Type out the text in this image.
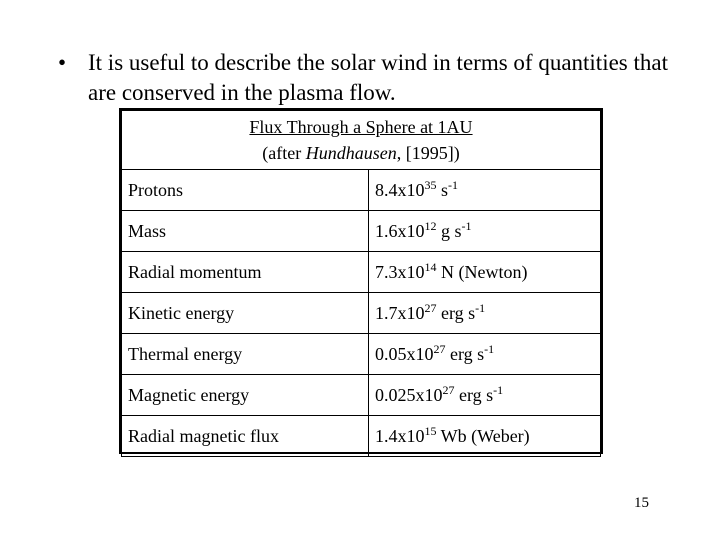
• It is useful to describe the solar wind in terms of quantities that are conserved in the plasma flow.
Flux Through a Sphere at 1AU
(after Hundhausen, [1995])	

Protons	$8.4x10^{35}$ $s^{-1}$
Mass	$1.6x10^{12}$ g $s^{-1}$
Radial momentum	$7.3x10^{14}$ N (Newton)
Kinetic energy	$1.7x10^{27}$ erg $s^{-1}$
Thermal energy	$0.05x10^{27}$ erg $s^{-1}$
Magnetic energy	$0.025x10^{27}$ erg $s^{-1}$
Radial magnetic flux	$1.4x10^{15}$ Wb (Weber)
15
